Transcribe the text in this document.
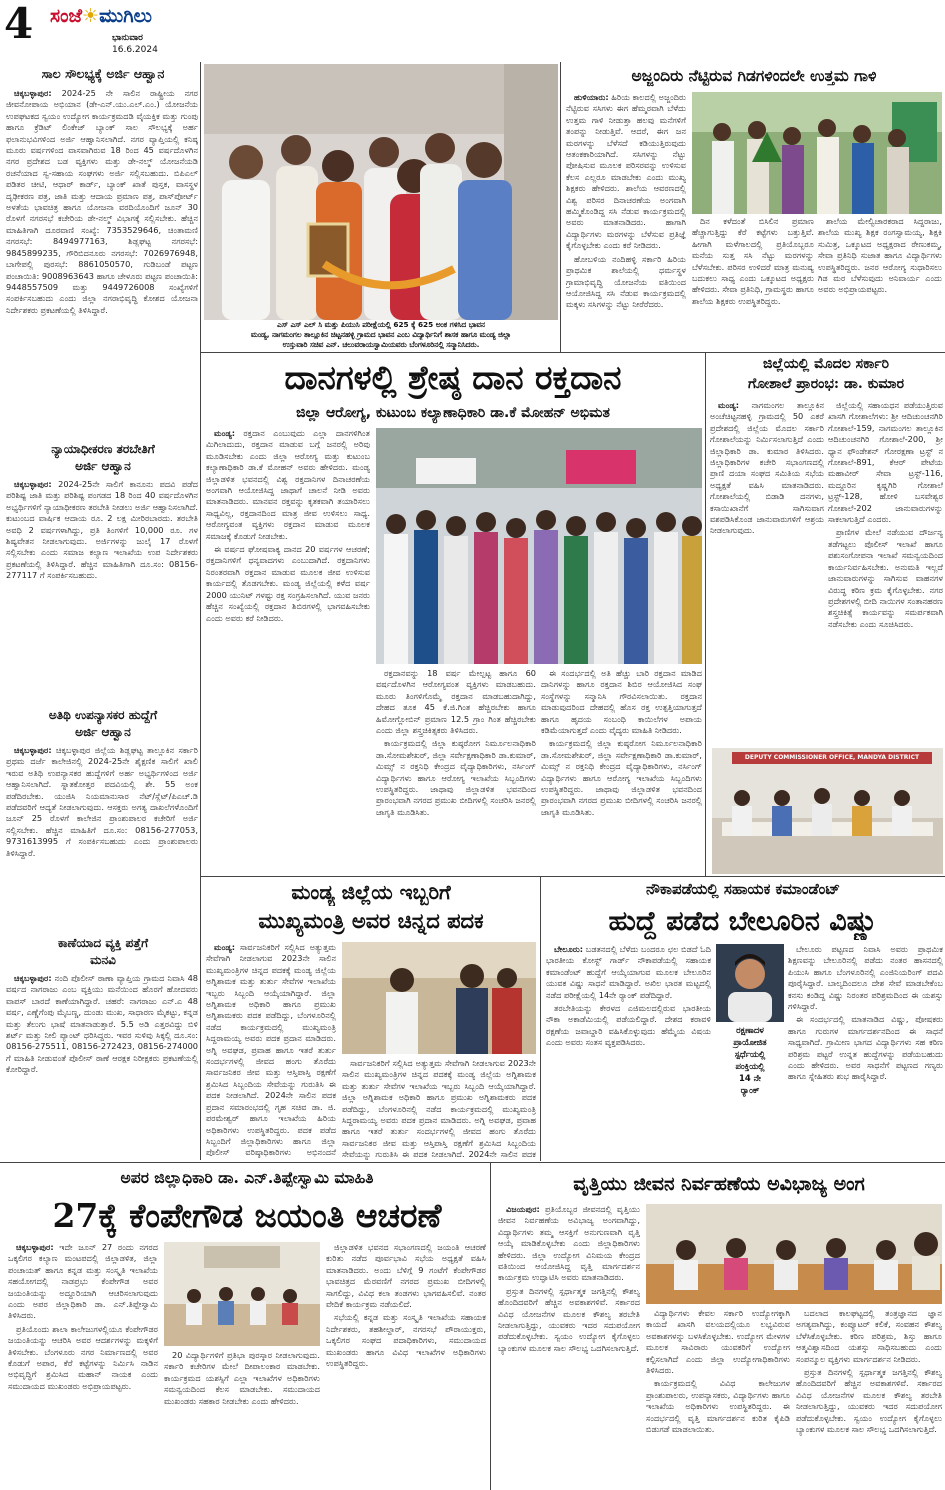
4 ಸಂಜೆ☀ಮುಗಿಲು
ಭಾನುವಾರ
16.6.2024
ಸಾಲ ಸೌಲಭ್ಯಕ್ಕೆ ಅರ್ಜಿ ಆಹ್ವಾನ

ಚಿಕ್ಕಬಳ್ಳಾಪುರ: 2024-25 ನೇ ಸಾಲಿನ ರಾಷ್ಟ್ರೀಯ ನಗರ ಜೀವನೋಪಾಯ ಅಭಿಯಾನ (ಡೇ-ಎನ್.ಯು.ಎಲ್.ಎಂ.) ಯೋಜನೆಯ ಉಪಘಟಕದ ಸ್ವಯಂ ಉದ್ಯೋಗ ಕಾರ್ಯಕ್ರಮದಡಿ ವೈಯಕ್ತಿಕ ಮತ್ತು ಗುಂಪು ಹಾಗೂ ಕ್ರೆಡಿಟ್ ಲಿಂಕೇಜ್ ಬ್ಯಾಂಕ್ ಸಾಲ ಸೌಲಭ್ಯಕ್ಕೆ ಅರ್ಹ ಫಲಾನುಭವಿಗಳಿಂದ ಅರ್ಜಿ ಆಹ್ವಾನಿಸಲಾಗಿದೆ. ನಗರ ವ್ಯಾಪ್ತಿಯಲ್ಲಿ ಕನಿಷ್ಠ ಮೂರು ವರ್ಷಗಳಿಂದ ವಾಸವಾಗಿರುವ 18 ರಿಂದ 45 ವರ್ಷದೊಳಗಿನ ನಗರ ಪ್ರದೇಶದ ಬಡ ವ್ಯಕ್ತಿಗಳು ಮತ್ತು ಡೇ-ನಲ್ಮ್ ಯೋಜನೆಯಡಿ ರಚನೆಯಾದ ಸ್ವ-ಸಹಾಯ ಸಂಘಗಳು ಅರ್ಜಿ ಸಲ್ಲಿಸಬಹುದು. ಬಿಪಿಎಲ್ ಪಡಿತರ ಚೀಟಿ, ಆಧಾರ್ ಕಾರ್ಡ್, ಬ್ಯಾಂಕ್ ಖಾತೆ ಪುಸ್ತಕ, ವಾಸಸ್ಥಳ ದೃಢೀಕರಣ ಪತ್ರ, ಜಾತಿ ಮತ್ತು ಆದಾಯ ಪ್ರಮಾಣ ಪತ್ರ, ಪಾಸ್‌ಪೋರ್ಟ್ ಅಳತೆಯ ಭಾವಚಿತ್ರ ಹಾಗೂ ಯೋಜನಾ ವರದಿಯೊಂದಿಗೆ ಜೂನ್ 30 ರೊಳಗೆ ನಗರಸಭೆ ಕಚೇರಿಯ ಡೇ-ನಲ್ಮ್ ವಿಭಾಗಕ್ಕೆ ಸಲ್ಲಿಸಬೇಕು. ಹೆಚ್ಚಿನ ಮಾಹಿತಿಗಾಗಿ ದೂರವಾಣಿ ಸಂಖ್ಯೆ: 7353529646, ಚಿಂತಾಮಣಿ ನಗರಸಭೆ: 8494977163, ಶಿಡ್ಲಘಟ್ಟ ನಗರಸಭೆ: 9845899235, ಗೌರಿಬಿದನೂರು ನಗರಸಭೆ: 7026976948, ಬಾಗೇಪಲ್ಲಿ ಪುರಸಭೆ: 8861050570, ಗುಡಿಬಂಡೆ ಪಟ್ಟಣ ಪಂಚಾಯಿತಿ: 9008963643 ಹಾಗೂ ಚೇಳೂರು ಪಟ್ಟಣ ಪಂಚಾಯಿತಿ: 9448557509 ಮತ್ತು 9449726008 ಸಂಖ್ಯೆಗಳಿಗೆ ಸಂಪರ್ಕಿಸಬಹುದು ಎಂದು ಜಿಲ್ಲಾ ನಗರಾಭಿವೃದ್ಧಿ ಕೋಶದ ಯೋಜನಾ ನಿರ್ದೇಶಕರು ಪ್ರಕಟಣೆಯಲ್ಲಿ ತಿಳಿಸಿದ್ದಾರೆ.

ನ್ಯಾಯಾಧೀಕರಣ ತರಬೇತಿಗೆ
ಅರ್ಜಿ ಆಹ್ವಾನ

ಚಿಕ್ಕಬಳ್ಳಾಪುರ: 2024-25ನೇ ಸಾಲಿಗೆ ಕಾನೂನು ಪದವಿ ಪಡೆದ ಪರಿಶಿಷ್ಟ ಜಾತಿ ಮತ್ತು ಪರಿಶಿಷ್ಟ ಪಂಗಡದ 18 ರಿಂದ 40 ವರ್ಷದೊಳಗಿನ ಅಭ್ಯರ್ಥಿಗಳಿಗೆ ನ್ಯಾಯಾಧೀಕರಣ ತರಬೇತಿ ನೀಡಲು ಅರ್ಜಿ ಆಹ್ವಾನಿಸಲಾಗಿದೆ. ಕುಟುಂಬದ ವಾರ್ಷಿಕ ಆದಾಯ ರೂ. 2 ಲಕ್ಷ ಮೀರಿರಬಾರದು. ತರಬೇತಿ ಅವಧಿ 2 ವರ್ಷಗಳಾಗಿದ್ದು, ಪ್ರತಿ ತಿಂಗಳಿಗೆ 10,000 ರೂ. ಗಳ ಶಿಷ್ಯವೇತನ ನೀಡಲಾಗುವುದು. ಅರ್ಜಿಗಳನ್ನು ಜುಲೈ 17 ರೊಳಗೆ ಸಲ್ಲಿಸಬೇಕು ಎಂದು ಸಮಾಜ ಕಲ್ಯಾಣ ಇಲಾಖೆಯ ಉಪ ನಿರ್ದೇಶಕರು ಪ್ರಕಟಣೆಯಲ್ಲಿ ತಿಳಿಸಿದ್ದಾರೆ. ಹೆಚ್ಚಿನ ಮಾಹಿತಿಗಾಗಿ ದೂ.ಸಂ: 08156-277117 ಗೆ ಸಂಪರ್ಕಿಸಬಹುದು.

ಅತಿಥಿ ಉಪನ್ಯಾಸಕರ ಹುದ್ದೆಗೆ
ಅರ್ಜಿ ಆಹ್ವಾನ

ಚಿಕ್ಕಬಳ್ಳಾಪುರ: ಚಿಕ್ಕಬಳ್ಳಾಪುರ ಜಿಲ್ಲೆಯ ಶಿಡ್ಲಘಟ್ಟ ತಾಲ್ಲೂಕಿನ ಸರ್ಕಾರಿ ಪ್ರಥಮ ದರ್ಜೆ ಕಾಲೇಜಿನಲ್ಲಿ 2024-25ನೇ ಶೈಕ್ಷಣಿಕ ಸಾಲಿಗೆ ಖಾಲಿ ಇರುವ ಅತಿಥಿ ಉಪನ್ಯಾಸಕರ ಹುದ್ದೆಗಳಿಗೆ ಅರ್ಹ ಅಭ್ಯರ್ಥಿಗಳಿಂದ ಅರ್ಜಿ ಆಹ್ವಾನಿಸಲಾಗಿದೆ. ಸ್ನಾತಕೋತ್ತರ ಪದವಿಯಲ್ಲಿ ಶೇ. 55 ಅಂಕ ಪಡೆದಿರಬೇಕು. ಯುಜಿಸಿ ನಿಯಮಾನುಸಾರ ನೆಟ್/ಸ್ಲೆಟ್/ಪಿಎಚ್.ಡಿ ಪಡೆದವರಿಗೆ ಆದ್ಯತೆ ನೀಡಲಾಗುವುದು. ಆಸಕ್ತರು ಅಗತ್ಯ ದಾಖಲೆಗಳೊಂದಿಗೆ ಜೂನ್ 25 ರೊಳಗೆ ಕಾಲೇಜಿನ ಪ್ರಾಂಶುಪಾಲರ ಕಚೇರಿಗೆ ಅರ್ಜಿ ಸಲ್ಲಿಸಬೇಕು. ಹೆಚ್ಚಿನ ಮಾಹಿತಿಗೆ ದೂ.ಸಂ: 08156-277053, 9731613995 ಗೆ ಸಂಪರ್ಕಿಸಬಹುದು ಎಂದು ಪ್ರಾಂಶುಪಾಲರು ತಿಳಿಸಿದ್ದಾರೆ.

ಕಾಣೆಯಾದ ವ್ಯಕ್ತಿ ಪತ್ತೆಗೆ
ಮನವಿ

ಚಿಕ್ಕಬಳ್ಳಾಪುರ: ನಂದಿ ಪೊಲೀಸ್ ಠಾಣಾ ವ್ಯಾಪ್ತಿಯ ಗ್ರಾಮದ ನಿವಾಸಿ 48 ವರ್ಷದ ನಾಗರಾಜು ಎಂಬ ವ್ಯಕ್ತಿಯು ಮನೆಯಿಂದ ಹೊರಗೆ ಹೋದವರು ವಾಪಸ್ ಬಾರದೆ ಕಾಣೆಯಾಗಿದ್ದಾರೆ. ಚಹರೆ: ನಾಗರಾಜು ಎನ್.ಎ 48 ವರ್ಷ, ಎಣ್ಣೆಗೆಂಪು ಮೈಬಣ್ಣ, ದುಂಡು ಮುಖ, ಸಾಧಾರಣ ಮೈಕಟ್ಟು, ಕನ್ನಡ ಮತ್ತು ತೆಲುಗು ಭಾಷೆ ಮಾತನಾಡುತ್ತಾರೆ. 5.5 ಅಡಿ ಎತ್ತರವಿದ್ದು ಬಿಳಿ ಶರ್ಟ್ ಮತ್ತು ನೀಲಿ ಪ್ಯಾಂಟ್ ಧರಿಸಿದ್ದರು. ಇವರ ಸುಳಿವು ಸಿಕ್ಕಲ್ಲಿ ದೂ.ಸಂ: 08156-275511, 08156-272423, 08156-274000 ಗೆ ಮಾಹಿತಿ ನೀಡುವಂತೆ ಪೊಲೀಸ್ ಠಾಣೆ ಆರಕ್ಷಕ ನಿರೀಕ್ಷಕರು ಪ್ರಕಟಣೆಯಲ್ಲಿ ಕೋರಿದ್ದಾರೆ.

ಎಸ್ ಎಸ್ ಎಲ್ ಸಿ ಮತ್ತು ಪಿಯುಸಿ ಪರೀಕ್ಷೆಯಲ್ಲಿ 625 ಕ್ಕೆ 625 ಅಂಕ ಗಳಿಸಿದ ಭಾವನ
ಮಂಡ್ಯ, ನಾಗಮಂಗಲ ತಾಲ್ಲೂಕಿನ ಚಿಟ್ಟನಹಳ್ಳಿ ಗ್ರಾಮದ ಭಾವನ ಎಂಬ ವಿದ್ಯಾರ್ಥಿನಿಗೆ ಶಾಸಕ ಹಾಗೂ ಮಂಡ್ಯ ಜಿಲ್ಲಾ
ಉಸ್ತುವಾರಿ ಸಚಿವ ಎನ್. ಚಲುವರಾಯಸ್ವಾಮಿಯವರು ಬೆಂಗಳೂರಿನಲ್ಲಿ ಸನ್ಮಾನಿಸಿದರು.
ಅಜ್ಜಂದಿರು ನೆಟ್ಟಿರುವ ಗಿಡಗಳಿಂದಲೇ ಉತ್ತಮ ಗಾಳಿ

ಹುಳಿಯಾರು: ಹಿರಿಯ ಕಾಲದಲ್ಲಿ ಅಜ್ಜಂದಿರು ನೆಟ್ಟಿರುವ ಸಸಿಗಳು ಈಗ ಹೆಮ್ಮರವಾಗಿ ಬೆಳೆದು ಉತ್ತಮ ಗಾಳಿ ನೀಡುತ್ತಾ ಹಲವು ಮನೆಗಳಿಗೆ ತಂಪನ್ನು ನೀಡುತ್ತಿವೆ. ಆದರೆ, ಈಗ ಜನ ಮರಗಳನ್ನು ಬೆಳೆಸದೆ ಕಡಿಯುತ್ತಿರುವುದು ಆತಂಕಕಾರಿಯಾಗಿದೆ. ಸಸಿಗಳನ್ನು ನೆಟ್ಟು ಪೋಷಿಸುವ ಮೂಲಕ ಪರಿಸರವನ್ನು ಉಳಿಸುವ ಕೆಲಸ ಎಲ್ಲರೂ ಮಾಡಬೇಕು ಎಂದು ಮುಖ್ಯ ಶಿಕ್ಷಕರು ಹೇಳಿದರು. ಶಾಲೆಯ ಆವರಣದಲ್ಲಿ ವಿಶ್ವ ಪರಿಸರ ದಿನಾಚರಣೆಯ ಅಂಗವಾಗಿ ಹಮ್ಮಿಕೊಂಡಿದ್ದ ಸಸಿ ನೆಡುವ ಕಾರ್ಯಕ್ರಮದಲ್ಲಿ ಅವರು ಮಾತನಾಡಿದರು. ಹಾಗಾಗಿ ವಿದ್ಯಾರ್ಥಿಗಳು ಮರಗಳನ್ನು ಬೆಳೆಸುವ ಪ್ರತಿಜ್ಞೆ ಕೈಗೊಳ್ಳಬೇಕು ಎಂದು ಕರೆ ನೀಡಿದರು.

ಹೋಬಳಿಯ ನಂದಿಹಳ್ಳಿ ಸರ್ಕಾರಿ ಹಿರಿಯ ಪ್ರಾಥಮಿಕ ಶಾಲೆಯಲ್ಲಿ ಧರ್ಮಸ್ಥಳ ಗ್ರಾಮಾಭಿವೃದ್ಧಿ ಯೋಜನೆಯ ವತಿಯಿಂದ ಆಯೋಜಿಸಿದ್ದ ಸಸಿ ನೆಡುವ ಕಾರ್ಯಕ್ರಮದಲ್ಲಿ ಮಕ್ಕಳು ಸಸಿಗಳನ್ನು ನೆಟ್ಟು ನೀರೆರೆದರು.

ದಿನ ಕಳೆದಂತೆ ಬಿಸಿಲಿನ ಪ್ರಮಾಣ ಹೆಚ್ಚಾಗುತ್ತಿದ್ದು ಕೆರೆ ಕಟ್ಟೆಗಳು ಬತ್ತುತ್ತಿವೆ. ಹೀಗಾಗಿ ಮಳೆಗಾಲದಲ್ಲಿ ಪ್ರತಿಯೊಬ್ಬರೂ ಮನೆಯ ಸುತ್ತ ಸಸಿ ನೆಟ್ಟು ಮರಗಳನ್ನು ಬೆಳೆಸಬೇಕು. ಪರಿಸರ ಉಳಿದರೆ ಮಾತ್ರ ಮನುಷ್ಯ ಬದುಕಲು ಸಾಧ್ಯ ಎಂದು ಒಕ್ಕೂಟದ ಅಧ್ಯಕ್ಷರು ಹೇಳಿದರು. ಸೇವಾ ಪ್ರತಿನಿಧಿ, ಗ್ರಾಮಸ್ಥರು ಹಾಗೂ ಶಾಲೆಯ ಶಿಕ್ಷಕರು ಉಪಸ್ಥಿತರಿದ್ದರು.

ಶಾಲೆಯ ಮೇಲ್ವಿಚಾರಕರಾದ ಸಿದ್ದರಾಜು, ಶಾಲೆಯ ಮುಖ್ಯ ಶಿಕ್ಷಕ ರಂಗಸ್ವಾಮಯ್ಯ, ಶಿಕ್ಷಕಿ ಸುಮಿತ್ರ, ಒಕ್ಕೂಟದ ಅಧ್ಯಕ್ಷರಾದ ರೇಣುಕಮ್ಮ, ಸೇವಾ ಪ್ರತಿನಿಧಿ ಸುಜಾತ ಹಾಗೂ ವಿದ್ಯಾರ್ಥಿಗಳು ಉಪಸ್ಥಿತರಿದ್ದರು. ಜನರ ಆರೋಗ್ಯ ಸುಧಾರಿಸಲು ಗಿಡ ಮರ ಬೆಳೆಸುವುದು ಅನಿವಾರ್ಯ ಎಂದು ಅವರು ಅಭಿಪ್ರಾಯಪಟ್ಟರು.

ದಾನಗಳಲ್ಲಿ ಶ್ರೇಷ್ಠ ದಾನ ರಕ್ತದಾನ
ಜಿಲ್ಲಾ ಆರೋಗ್ಯ, ಕುಟುಂಬ ಕಲ್ಯಾಣಾಧಿಕಾರಿ ಡಾ.ಕೆ ಮೋಹನ್ ಅಭಿಮತ

ಮಂಡ್ಯ: ರಕ್ತದಾನ ಎಂಬುವುದು ಎಲ್ಲಾ ದಾನಗಳಿಗಿಂತ ಮಿಗಿಲಾದುದು, ರಕ್ತದಾನ ಮಾಡುವ ಬಗ್ಗೆ ಜನರಲ್ಲಿ ಅರಿವು ಮೂಡಿಸಬೇಕು ಎಂದು ಜಿಲ್ಲಾ ಆರೋಗ್ಯ ಮತ್ತು ಕುಟುಂಬ ಕಲ್ಯಾಣಾಧಿಕಾರಿ ಡಾ.ಕೆ ಮೋಹನ್ ಅವರು ಹೇಳಿದರು. ಮಂಡ್ಯ ಜಿಲ್ಲಾಡಳಿತ ಭವನದಲ್ಲಿ ವಿಶ್ವ ರಕ್ತದಾನಿಗಳ ದಿನಾಚರಣೆಯ ಅಂಗವಾಗಿ ಆಯೋಜಿಸಿದ್ದ ಜಾಥಾಗೆ ಚಾಲನೆ ನೀಡಿ ಅವರು ಮಾತನಾಡಿದರು. ಮಾನವನ ರಕ್ತವನ್ನು ಕೃತಕವಾಗಿ ತಯಾರಿಸಲು ಸಾಧ್ಯವಿಲ್ಲ, ರಕ್ತದಾನದಿಂದ ಮಾತ್ರ ಜೀವ ಉಳಿಸಲು ಸಾಧ್ಯ. ಆರೋಗ್ಯವಂತ ವ್ಯಕ್ತಿಗಳು ರಕ್ತದಾನ ಮಾಡುವ ಮೂಲಕ ಸಮಾಜಕ್ಕೆ ಕೊಡುಗೆ ನೀಡಬೇಕು.

ಈ ವರ್ಷದ ಘೋಷವಾಕ್ಯ ದಾನದ 20 ವರ್ಷಗಳ ಆಚರಣೆ; ರಕ್ತದಾನಿಗಳಿಗೆ ಧನ್ಯವಾದಗಳು ಎಂಬುದಾಗಿದೆ. ರಕ್ತದಾನಿಗಳು ನಿರಂತರವಾಗಿ ರಕ್ತದಾನ ಮಾಡುವ ಮೂಲಕ ಜೀವ ಉಳಿಸುವ ಕಾರ್ಯದಲ್ಲಿ ತೊಡಗಬೇಕು. ಮಂಡ್ಯ ಜಿಲ್ಲೆಯಲ್ಲಿ ಕಳೆದ ವರ್ಷ 2000 ಯುನಿಟ್ ಗಳಷ್ಟು ರಕ್ತ ಸಂಗ್ರಹಿಸಲಾಗಿದೆ. ಯುವ ಜನರು ಹೆಚ್ಚಿನ ಸಂಖ್ಯೆಯಲ್ಲಿ ರಕ್ತದಾನ ಶಿಬಿರಗಳಲ್ಲಿ ಭಾಗವಹಿಸಬೇಕು ಎಂದು ಅವರು ಕರೆ ನೀಡಿದರು.

ರಕ್ತದಾನವನ್ನು 18 ವರ್ಷ ಮೇಲ್ಪಟ್ಟ ಹಾಗೂ 60 ವರ್ಷದೊಳಗಿನ ಆರೋಗ್ಯವಂತ ವ್ಯಕ್ತಿಗಳು ಮಾಡಬಹುದು. ಮೂರು ತಿಂಗಳಿಗೊಮ್ಮೆ ರಕ್ತದಾನ ಮಾಡಬಹುದಾಗಿದ್ದು, ದೇಹದ ತೂಕ 45 ಕೆ.ಜಿ.ಗಿಂತ ಹೆಚ್ಚಿರಬೇಕು ಹಾಗೂ ಹಿಮೋಗ್ಲೋಬಿನ್ ಪ್ರಮಾಣ 12.5 ಗ್ರಾಂ ಗಿಂತ ಹೆಚ್ಚಿರಬೇಕು ಎಂದು ಜಿಲ್ಲಾ ಶಸ್ತ್ರಚಿಕಿತ್ಸಕರು ತಿಳಿಸಿದರು.

ಕಾರ್ಯಕ್ರಮದಲ್ಲಿ ಜಿಲ್ಲಾ ಕುಷ್ಠರೋಗ ನಿರ್ಮೂಲನಾಧಿಕಾರಿ ಡಾ.ಸೋಮಶೇಖರ್, ಜಿಲ್ಲಾ ಸರ್ವೇಕ್ಷಣಾಧಿಕಾರಿ ಡಾ.ಕುಮಾರ್, ಮಿಮ್ಸ್ ನ ರಕ್ತನಿಧಿ ಕೇಂದ್ರದ ವೈದ್ಯಾಧಿಕಾರಿಗಳು, ನರ್ಸಿಂಗ್ ವಿದ್ಯಾರ್ಥಿಗಳು ಹಾಗೂ ಆರೋಗ್ಯ ಇಲಾಖೆಯ ಸಿಬ್ಬಂದಿಗಳು ಉಪಸ್ಥಿತರಿದ್ದರು. ಜಾಥಾವು ಜಿಲ್ಲಾಡಳಿತ ಭವನದಿಂದ ಪ್ರಾರಂಭವಾಗಿ ನಗರದ ಪ್ರಮುಖ ಬೀದಿಗಳಲ್ಲಿ ಸಂಚರಿಸಿ ಜನರಲ್ಲಿ ಜಾಗೃತಿ ಮೂಡಿಸಿತು.

ಈ ಸಂದರ್ಭದಲ್ಲಿ ಅತಿ ಹೆಚ್ಚು ಬಾರಿ ರಕ್ತದಾನ ಮಾಡಿದ ದಾನಿಗಳನ್ನು ಹಾಗೂ ರಕ್ತದಾನ ಶಿಬಿರ ಆಯೋಜಿಸಿದ ಸಂಘ ಸಂಸ್ಥೆಗಳನ್ನು ಸನ್ಮಾನಿಸಿ ಗೌರವಿಸಲಾಯಿತು. ರಕ್ತದಾನ ಮಾಡುವುದರಿಂದ ದೇಹದಲ್ಲಿ ಹೊಸ ರಕ್ತ ಉತ್ಪತ್ತಿಯಾಗುತ್ತದೆ ಹಾಗೂ ಹೃದಯ ಸಂಬಂಧಿ ಕಾಯಿಲೆಗಳ ಅಪಾಯ ಕಡಿಮೆಯಾಗುತ್ತದೆ ಎಂದು ವೈದ್ಯರು ಮಾಹಿತಿ ನೀಡಿದರು.

ಕಾರ್ಯಕ್ರಮದಲ್ಲಿ ಜಿಲ್ಲಾ ಕುಷ್ಠರೋಗ ನಿರ್ಮೂಲನಾಧಿಕಾರಿ ಡಾ.ಸೋಮಶೇಖರ್, ಜಿಲ್ಲಾ ಸರ್ವೇಕ್ಷಣಾಧಿಕಾರಿ ಡಾ.ಕುಮಾರ್, ಮಿಮ್ಸ್ ನ ರಕ್ತನಿಧಿ ಕೇಂದ್ರದ ವೈದ್ಯಾಧಿಕಾರಿಗಳು, ನರ್ಸಿಂಗ್ ವಿದ್ಯಾರ್ಥಿಗಳು ಹಾಗೂ ಆರೋಗ್ಯ ಇಲಾಖೆಯ ಸಿಬ್ಬಂದಿಗಳು ಉಪಸ್ಥಿತರಿದ್ದರು. ಜಾಥಾವು ಜಿಲ್ಲಾಡಳಿತ ಭವನದಿಂದ ಪ್ರಾರಂಭವಾಗಿ ನಗರದ ಪ್ರಮುಖ ಬೀದಿಗಳಲ್ಲಿ ಸಂಚರಿಸಿ ಜನರಲ್ಲಿ ಜಾಗೃತಿ ಮೂಡಿಸಿತು.

ಜಿಲ್ಲೆಯಲ್ಲಿ ಮೊದಲ ಸರ್ಕಾರಿ
ಗೋಶಾಲೆ ಪ್ರಾರಂಭ: ಡಾ. ಕುಮಾರ

ಮಂಡ್ಯ: ನಾಗಮಂಗಲ ತಾಲ್ಲೂಕಿನ ಅಂಚೆಚಿಟ್ಟನಹಳ್ಳಿ ಗ್ರಾಮದಲ್ಲಿ 50 ಎಕರೆ ಪ್ರದೇಶದಲ್ಲಿ ಜಿಲ್ಲೆಯ ಮೊದಲ ಸರ್ಕಾರಿ ಗೋಶಾಲೆಯನ್ನು ನಿರ್ಮಿಸಲಾಗುತ್ತಿದೆ ಎಂದು ಜಿಲ್ಲಾಧಿಕಾರಿ ಡಾ. ಕುಮಾರ ತಿಳಿಸಿದರು. ಜಿಲ್ಲಾಧಿಕಾರಿಗಳ ಕಚೇರಿ ಸಭಾಂಗಣದಲ್ಲಿ ಪ್ರಾಣಿ ದಯಾ ಸಂಘದ ಸಮಿತಿಯ ಸಭೆಯ ಅಧ್ಯಕ್ಷತೆ ವಹಿಸಿ ಮಾತನಾಡಿದರು. ಗೋಶಾಲೆಯಲ್ಲಿ ಬಿಡಾಡಿ ದನಗಳು, ಕಸಾಯಿಖಾನೆಗೆ ಸಾಗಿಸುವಾಗ ವಶಪಡಿಸಿಕೊಂಡ ಜಾನುವಾರುಗಳಿಗೆ ಆಶ್ರಯ ನೀಡಲಾಗುವುದು.

ಜಿಲ್ಲೆಯಲ್ಲಿ ಸಹಾಯಧನ ಪಡೆಯುತ್ತಿರುವ ಖಾಸಗಿ ಗೋಶಾಲೆಗಳು: ಶ್ರೀ ಆದಿಚುಂಚನಗಿರಿ ಗೋಶಾಲೆ-159, ನಾಗಮಂಗಲ ತಾಲ್ಲೂಕಿನ ಆದಿಚುಂಚನಗಿರಿ ಗೋಶಾಲೆ-200, ಶ್ರೀ ಧ್ಯಾನ ಫೌಂಡೇಶನ್ ಗೋರಕ್ಷಣಾ ಟ್ರಸ್ಟ್ ನ ಗೋಶಾಲೆ-891, ಕೆಆರ್ ಪೇಟೆಯ ಮಹಾವೀರ್ ಸೇವಾ ಟ್ರಸ್ಟ್-116, ಮದ್ದೂರಿನ ಕೃಷ್ಣಗಿರಿ ಗೋಶಾಲೆ ಟ್ರಸ್ಟ್-128, ಹೋಳಿ ಬಸವೇಶ್ವರ ಗೋಶಾಲೆ-202 ಜಾನುವಾರುಗಳನ್ನು ಸಾಕಲಾಗುತ್ತಿದೆ ಎಂದರು.

ಪ್ರಾಣಿಗಳ ಮೇಲೆ ನಡೆಯುವ ದೌರ್ಜನ್ಯ ತಡೆಗಟ್ಟಲು ಪೊಲೀಸ್ ಇಲಾಖೆ ಹಾಗೂ ಪಶುಸಂಗೋಪನಾ ಇಲಾಖೆ ಸಮನ್ವಯದಿಂದ ಕಾರ್ಯನಿರ್ವಹಿಸಬೇಕು. ಅನುಮತಿ ಇಲ್ಲದೆ ಜಾನುವಾರುಗಳನ್ನು ಸಾಗಿಸುವ ವಾಹನಗಳ ವಿರುದ್ಧ ಕಠಿಣ ಕ್ರಮ ಕೈಗೊಳ್ಳಬೇಕು. ನಗರ ಪ್ರದೇಶಗಳಲ್ಲಿ ಬೀದಿ ನಾಯಿಗಳ ಸಂತಾನಹರಣ ಶಸ್ತ್ರಚಿಕಿತ್ಸೆ ಕಾರ್ಯವನ್ನು ಸಮರ್ಪಕವಾಗಿ ನಡೆಸಬೇಕು ಎಂದು ಸೂಚಿಸಿದರು.

DEPUTY COMMISSIONER OFFICE, MANDYA DISTRICT
ಮಂಡ್ಯ ಜಿಲ್ಲೆಯ ಇಬ್ಬರಿಗೆ
ಮುಖ್ಯಮಂತ್ರಿ ಅವರ ಚಿನ್ನದ ಪದಕ

ಮಂಡ್ಯ: ಸಾರ್ವಜನಿಕರಿಗೆ ಸಲ್ಲಿಸಿದ ಅತ್ಯುತ್ತಮ ಸೇವೆಗಾಗಿ ನೀಡಲಾಗುವ 2023ನೇ ಸಾಲಿನ ಮುಖ್ಯಮಂತ್ರಿಗಳ ಚಿನ್ನದ ಪದಕಕ್ಕೆ ಮಂಡ್ಯ ಜಿಲ್ಲೆಯ ಅಗ್ನಿಶಾಮಕ ಮತ್ತು ತುರ್ತು ಸೇವೆಗಳ ಇಲಾಖೆಯ ಇಬ್ಬರು ಸಿಬ್ಬಂದಿ ಆಯ್ಕೆಯಾಗಿದ್ದಾರೆ. ಜಿಲ್ಲಾ ಅಗ್ನಿಶಾಮಕ ಅಧಿಕಾರಿ ಹಾಗೂ ಪ್ರಮುಖ ಅಗ್ನಿಶಾಮಕರು ಪದಕ ಪಡೆದಿದ್ದು, ಬೆಂಗಳೂರಿನಲ್ಲಿ ನಡೆದ ಕಾರ್ಯಕ್ರಮದಲ್ಲಿ ಮುಖ್ಯಮಂತ್ರಿ ಸಿದ್ದರಾಮಯ್ಯ ಅವರು ಪದಕ ಪ್ರದಾನ ಮಾಡಿದರು. ಅಗ್ನಿ ಅವಘಡ, ಪ್ರವಾಹ ಹಾಗೂ ಇತರೆ ತುರ್ತು ಸಂದರ್ಭಗಳಲ್ಲಿ ಜೀವದ ಹಂಗು ತೊರೆದು ಸಾರ್ವಜನಿಕರ ಜೀವ ಮತ್ತು ಆಸ್ತಿಪಾಸ್ತಿ ರಕ್ಷಣೆಗೆ ಶ್ರಮಿಸಿದ ಸಿಬ್ಬಂದಿಯ ಸೇವೆಯನ್ನು ಗುರುತಿಸಿ ಈ ಪದಕ ನೀಡಲಾಗಿದೆ. 2024ನೇ ಸಾಲಿನ ಪದಕ ಪ್ರದಾನ ಸಮಾರಂಭದಲ್ಲಿ ಗೃಹ ಸಚಿವ ಡಾ. ಜಿ. ಪರಮೇಶ್ವರ್ ಹಾಗೂ ಇಲಾಖೆಯ ಹಿರಿಯ ಅಧಿಕಾರಿಗಳು ಉಪಸ್ಥಿತರಿದ್ದರು. ಪದಕ ಪಡೆದ ಸಿಬ್ಬಂದಿಗೆ ಜಿಲ್ಲಾಧಿಕಾರಿಗಳು ಹಾಗೂ ಜಿಲ್ಲಾ ಪೊಲೀಸ್ ವರಿಷ್ಠಾಧಿಕಾರಿಗಳು ಅಭಿನಂದನೆ

ಸಾರ್ವಜನಿಕರಿಗೆ ಸಲ್ಲಿಸಿದ ಅತ್ಯುತ್ತಮ ಸೇವೆಗಾಗಿ ನೀಡಲಾಗುವ 2023ನೇ ಸಾಲಿನ ಮುಖ್ಯಮಂತ್ರಿಗಳ ಚಿನ್ನದ ಪದಕಕ್ಕೆ ಮಂಡ್ಯ ಜಿಲ್ಲೆಯ ಅಗ್ನಿಶಾಮಕ ಮತ್ತು ತುರ್ತು ಸೇವೆಗಳ ಇಲಾಖೆಯ ಇಬ್ಬರು ಸಿಬ್ಬಂದಿ ಆಯ್ಕೆಯಾಗಿದ್ದಾರೆ. ಜಿಲ್ಲಾ ಅಗ್ನಿಶಾಮಕ ಅಧಿಕಾರಿ ಹಾಗೂ ಪ್ರಮುಖ ಅಗ್ನಿಶಾಮಕರು ಪದಕ ಪಡೆದಿದ್ದು, ಬೆಂಗಳೂರಿನಲ್ಲಿ ನಡೆದ ಕಾರ್ಯಕ್ರಮದಲ್ಲಿ ಮುಖ್ಯಮಂತ್ರಿ ಸಿದ್ದರಾಮಯ್ಯ ಅವರು ಪದಕ ಪ್ರದಾನ ಮಾಡಿದರು. ಅಗ್ನಿ ಅವಘಡ, ಪ್ರವಾಹ ಹಾಗೂ ಇತರೆ ತುರ್ತು ಸಂದರ್ಭಗಳಲ್ಲಿ ಜೀವದ ಹಂಗು ತೊರೆದು ಸಾರ್ವಜನಿಕರ ಜೀವ ಮತ್ತು ಆಸ್ತಿಪಾಸ್ತಿ ರಕ್ಷಣೆಗೆ ಶ್ರಮಿಸಿದ ಸಿಬ್ಬಂದಿಯ ಸೇವೆಯನ್ನು ಗುರುತಿಸಿ ಈ ಪದಕ ನೀಡಲಾಗಿದೆ. 2024ನೇ ಸಾಲಿನ ಪದಕ

ನೌಕಾಪಡೆಯಲ್ಲಿ ಸಹಾಯಕ ಕಮಾಂಡೆಂಟ್
ಹುದ್ದೆ ಪಡೆದ ಬೇಲೂರಿನ ವಿಷ್ಣು

ಬೇಲೂರು: ಬಡತನದಲ್ಲಿ ಬೆಳೆದು ಬಂದರೂ ಛಲ ಬಿಡದೆ ಓದಿ ಭಾರತೀಯ ಕೋಸ್ಟ್ ಗಾರ್ಡ್ ನೌಕಾಪಡೆಯಲ್ಲಿ ಸಹಾಯಕ ಕಮಾಂಡೆಂಟ್ ಹುದ್ದೆಗೆ ಆಯ್ಕೆಯಾಗುವ ಮೂಲಕ ಬೇಲೂರಿನ ಯುವಕ ವಿಷ್ಣು ಸಾಧನೆ ಮಾಡಿದ್ದಾರೆ. ಅಖಿಲ ಭಾರತ ಮಟ್ಟದಲ್ಲಿ ನಡೆದ ಪರೀಕ್ಷೆಯಲ್ಲಿ 14ನೇ ರ‍್ಯಾಂಕ್ ಪಡೆದಿದ್ದಾರೆ.

ತರಬೇತಿಯನ್ನು ಕೇರಳದ ಎಜಿಮಲದಲ್ಲಿರುವ ಭಾರತೀಯ ನೌಕಾ ಅಕಾಡೆಮಿಯಲ್ಲಿ ಪಡೆಯಲಿದ್ದಾರೆ. ದೇಶದ ಕರಾವಳಿ ರಕ್ಷಣೆಯ ಜವಾಬ್ದಾರಿ ವಹಿಸಿಕೊಳ್ಳುವುದು ಹೆಮ್ಮೆಯ ವಿಷಯ ಎಂದು ಅವರು ಸಂತಸ ವ್ಯಕ್ತಪಡಿಸಿದರು.

ರಕ್ಷಣಾದಳ
ಪ್ರಾಯೋಜಿತ
ಸ್ಪರ್ಧೆಯಲ್ಲಿ
ಪಂಕ್ತಿಯಲ್ಲಿ
14 ನೇ
ರ‍್ಯಾಂಕ್

ಬೇಲೂರು ಪಟ್ಟಣದ ನಿವಾಸಿ ಅವರು ಪ್ರಾಥಮಿಕ ಶಿಕ್ಷಣವನ್ನು ಬೇಲೂರಿನಲ್ಲಿ ಪಡೆದು ನಂತರ ಹಾಸನದಲ್ಲಿ ಪಿಯುಸಿ ಹಾಗೂ ಬೆಂಗಳೂರಿನಲ್ಲಿ ಎಂಜಿನಿಯರಿಂಗ್ ಪದವಿ ಪೂರೈಸಿದ್ದಾರೆ. ಬಾಲ್ಯದಿಂದಲೂ ದೇಶ ಸೇವೆ ಮಾಡಬೇಕೆಂಬ ಕನಸು ಕಂಡಿದ್ದ ವಿಷ್ಣು ನಿರಂತರ ಪರಿಶ್ರಮದಿಂದ ಈ ಯಶಸ್ಸು ಗಳಿಸಿದ್ದಾರೆ.

ಈ ಸಂದರ್ಭದಲ್ಲಿ ಮಾತನಾಡಿದ ವಿಷ್ಣು, ಪೋಷಕರು ಹಾಗೂ ಗುರುಗಳ ಮಾರ್ಗದರ್ಶನದಿಂದ ಈ ಸಾಧನೆ ಸಾಧ್ಯವಾಗಿದೆ. ಗ್ರಾಮೀಣ ಭಾಗದ ವಿದ್ಯಾರ್ಥಿಗಳು ಸಹ ಕಠಿಣ ಪರಿಶ್ರಮ ಪಟ್ಟರೆ ಉನ್ನತ ಹುದ್ದೆಗಳನ್ನು ಪಡೆಯಬಹುದು ಎಂದು ಹೇಳಿದರು. ಅವರ ಸಾಧನೆಗೆ ಪಟ್ಟಣದ ಗಣ್ಯರು ಹಾಗೂ ಸ್ನೇಹಿತರು ಶುಭ ಹಾರೈಸಿದ್ದಾರೆ.

ಅಪರ ಜಿಲ್ಲಾಧಿಕಾರಿ ಡಾ. ಎನ್.ತಿಪ್ಪೇಸ್ವಾಮಿ ಮಾಹಿತಿ
27ಕ್ಕೆ ಕೆಂಪೇಗೌಡ ಜಯಂತಿ ಆಚರಣೆ

ಚಿಕ್ಕಬಳ್ಳಾಪುರ: ಇದೇ ಜೂನ್ 27 ರಂದು ನಗರದ ಒಕ್ಕಲಿಗರ ಕಲ್ಯಾಣ ಮಂಟಪದಲ್ಲಿ ಜಿಲ್ಲಾಡಳಿತ, ಜಿಲ್ಲಾ ಪಂಚಾಯತ್ ಹಾಗೂ ಕನ್ನಡ ಮತ್ತು ಸಂಸ್ಕೃತಿ ಇಲಾಖೆಯ ಸಹಯೋಗದಲ್ಲಿ ನಾಡಪ್ರಭು ಕೆಂಪೇಗೌಡ ಅವರ ಜಯಂತಿಯನ್ನು ಅದ್ದೂರಿಯಾಗಿ ಆಚರಿಸಲಾಗುವುದು ಎಂದು ಅಪರ ಜಿಲ್ಲಾಧಿಕಾರಿ ಡಾ. ಎನ್.ತಿಪ್ಪೇಸ್ವಾಮಿ ತಿಳಿಸಿದರು.

ಪ್ರತಿಯೊಂದು ಶಾಲಾ ಕಾಲೇಜುಗಳಲ್ಲಿಯೂ ಕೆಂಪೇಗೌಡರ ಜಯಂತಿಯನ್ನು ಆಚರಿಸಿ ಅವರ ಆದರ್ಶಗಳನ್ನು ಮಕ್ಕಳಿಗೆ ತಿಳಿಸಬೇಕು. ಬೆಂಗಳೂರು ನಗರ ನಿರ್ಮಾಣದಲ್ಲಿ ಅವರ ಕೊಡುಗೆ ಅಪಾರ, ಕೆರೆ ಕಟ್ಟೆಗಳನ್ನು ನಿರ್ಮಿಸಿ ನಾಡಿನ ಅಭಿವೃದ್ಧಿಗೆ ಶ್ರಮಿಸಿದ ಮಹಾನ್ ನಾಯಕ ಎಂದು ಸಮುದಾಯದ ಮುಖಂಡರು ಅಭಿಪ್ರಾಯಪಟ್ಟರು.

20 ವಿದ್ಯಾರ್ಥಿಗಳಿಗೆ ಪ್ರತಿಭಾ ಪುರಸ್ಕಾರ ನೀಡಲಾಗುವುದು. ಸರ್ಕಾರಿ ಕಚೇರಿಗಳ ಮೇಲೆ ದೀಪಾಲಂಕಾರ ಮಾಡಬೇಕು. ಕಾರ್ಯಕ್ರಮದ ಯಶಸ್ಸಿಗೆ ಎಲ್ಲಾ ಇಲಾಖೆಗಳ ಅಧಿಕಾರಿಗಳು ಸಮನ್ವಯದಿಂದ ಕೆಲಸ ಮಾಡಬೇಕು. ಸಮುದಾಯದ ಮುಖಂಡರು ಸಹಕಾರ ನೀಡಬೇಕು ಎಂದು ಹೇಳಿದರು.

ಜಿಲ್ಲಾಡಳಿತ ಭವನದ ಸಭಾಂಗಣದಲ್ಲಿ ಜಯಂತಿ ಆಚರಣೆ ಕುರಿತು ನಡೆದ ಪೂರ್ವಭಾವಿ ಸಭೆಯ ಅಧ್ಯಕ್ಷತೆ ವಹಿಸಿ ಮಾತನಾಡಿದರು. ಅಂದು ಬೆಳಿಗ್ಗೆ 9 ಗಂಟೆಗೆ ಕೆಂಪೇಗೌಡರ ಭಾವಚಿತ್ರದ ಮೆರವಣಿಗೆ ನಗರದ ಪ್ರಮುಖ ಬೀದಿಗಳಲ್ಲಿ ಸಾಗಲಿದ್ದು, ವಿವಿಧ ಕಲಾ ತಂಡಗಳು ಭಾಗವಹಿಸಲಿವೆ. ನಂತರ ವೇದಿಕೆ ಕಾರ್ಯಕ್ರಮ ನಡೆಯಲಿದೆ.

ಸಭೆಯಲ್ಲಿ ಕನ್ನಡ ಮತ್ತು ಸಂಸ್ಕೃತಿ ಇಲಾಖೆಯ ಸಹಾಯಕ ನಿರ್ದೇಶಕರು, ತಹಶೀಲ್ದಾರ್, ನಗರಸಭೆ ಪೌರಾಯುಕ್ತರು, ಒಕ್ಕಲಿಗರ ಸಂಘದ ಪದಾಧಿಕಾರಿಗಳು, ಸಮುದಾಯದ ಮುಖಂಡರು ಹಾಗೂ ವಿವಿಧ ಇಲಾಖೆಗಳ ಅಧಿಕಾರಿಗಳು ಉಪಸ್ಥಿತರಿದ್ದರು.

ವೃತ್ತಿಯು ಜೀವನ ನಿರ್ವಹಣೆಯ ಅವಿಭಾಜ್ಯ ಅಂಗ

ವಿಜಯಪುರ: ಪ್ರತಿಯೊಬ್ಬರ ಜೀವನದಲ್ಲಿ ವೃತ್ತಿಯು ಜೀವನ ನಿರ್ವಹಣೆಯ ಅವಿಭಾಜ್ಯ ಅಂಗವಾಗಿದ್ದು, ವಿದ್ಯಾರ್ಥಿಗಳು ತಮ್ಮ ಆಸಕ್ತಿಗೆ ಅನುಗುಣವಾಗಿ ವೃತ್ತಿ ಆಯ್ಕೆ ಮಾಡಿಕೊಳ್ಳಬೇಕು ಎಂದು ಜಿಲ್ಲಾಧಿಕಾರಿಗಳು ಹೇಳಿದರು. ಜಿಲ್ಲಾ ಉದ್ಯೋಗ ವಿನಿಮಯ ಕೇಂದ್ರದ ವತಿಯಿಂದ ಆಯೋಜಿಸಿದ್ದ ವೃತ್ತಿ ಮಾರ್ಗದರ್ಶನ ಕಾರ್ಯಕ್ರಮ ಉದ್ಘಾಟಿಸಿ ಅವರು ಮಾತನಾಡಿದರು.

ಪ್ರಸ್ತುತ ದಿನಗಳಲ್ಲಿ ಸ್ಪರ್ಧಾತ್ಮಕ ಜಗತ್ತಿನಲ್ಲಿ ಕೌಶಲ್ಯ ಹೊಂದಿದವರಿಗೆ ಹೆಚ್ಚಿನ ಅವಕಾಶಗಳಿವೆ. ಸರ್ಕಾರದ ವಿವಿಧ ಯೋಜನೆಗಳ ಮೂಲಕ ಕೌಶಲ್ಯ ತರಬೇತಿ ನೀಡಲಾಗುತ್ತಿದ್ದು, ಯುವಕರು ಇದರ ಸದುಪಯೋಗ ಪಡೆದುಕೊಳ್ಳಬೇಕು. ಸ್ವಯಂ ಉದ್ಯೋಗ ಕೈಗೊಳ್ಳಲು ಬ್ಯಾಂಕುಗಳ ಮೂಲಕ ಸಾಲ ಸೌಲಭ್ಯ ಒದಗಿಸಲಾಗುತ್ತಿದೆ.

ವಿದ್ಯಾರ್ಥಿಗಳು ಕೇವಲ ಸರ್ಕಾರಿ ಉದ್ಯೋಗಕ್ಕಾಗಿ ಕಾಯದೆ ಖಾಸಗಿ ವಲಯದಲ್ಲಿಯೂ ಲಭ್ಯವಿರುವ ಅವಕಾಶಗಳನ್ನು ಬಳಸಿಕೊಳ್ಳಬೇಕು. ಉದ್ಯೋಗ ಮೇಳಗಳ ಮೂಲಕ ಸಾವಿರಾರು ಯುವಕರಿಗೆ ಉದ್ಯೋಗ ಕಲ್ಪಿಸಲಾಗಿದೆ ಎಂದು ಜಿಲ್ಲಾ ಉದ್ಯೋಗಾಧಿಕಾರಿಗಳು ತಿಳಿಸಿದರು.

ಕಾರ್ಯಕ್ರಮದಲ್ಲಿ ವಿವಿಧ ಕಾಲೇಜುಗಳ ಪ್ರಾಂಶುಪಾಲರು, ಉಪನ್ಯಾಸಕರು, ವಿದ್ಯಾರ್ಥಿಗಳು ಹಾಗೂ ಇಲಾಖೆಯ ಅಧಿಕಾರಿಗಳು ಉಪಸ್ಥಿತರಿದ್ದರು. ಈ ಸಂದರ್ಭದಲ್ಲಿ ವೃತ್ತಿ ಮಾರ್ಗದರ್ಶನ ಕುರಿತ ಕೈಪಿಡಿ ಬಿಡುಗಡೆ ಮಾಡಲಾಯಿತು.

ಬದಲಾದ ಕಾಲಘಟ್ಟದಲ್ಲಿ ತಂತ್ರಜ್ಞಾನದ ಜ್ಞಾನ ಅಗತ್ಯವಾಗಿದ್ದು, ಕಂಪ್ಯೂಟರ್ ಕಲಿಕೆ, ಸಂವಹನ ಕೌಶಲ್ಯ ಬೆಳೆಸಿಕೊಳ್ಳಬೇಕು. ಕಠಿಣ ಪರಿಶ್ರಮ, ಶಿಸ್ತು ಹಾಗೂ ಆತ್ಮವಿಶ್ವಾಸದಿಂದ ಯಶಸ್ಸು ಸಾಧಿಸಬಹುದು ಎಂದು ಸಂಪನ್ಮೂಲ ವ್ಯಕ್ತಿಗಳು ಮಾರ್ಗದರ್ಶನ ನೀಡಿದರು.

ಪ್ರಸ್ತುತ ದಿನಗಳಲ್ಲಿ ಸ್ಪರ್ಧಾತ್ಮಕ ಜಗತ್ತಿನಲ್ಲಿ ಕೌಶಲ್ಯ ಹೊಂದಿದವರಿಗೆ ಹೆಚ್ಚಿನ ಅವಕಾಶಗಳಿವೆ. ಸರ್ಕಾರದ ವಿವಿಧ ಯೋಜನೆಗಳ ಮೂಲಕ ಕೌಶಲ್ಯ ತರಬೇತಿ ನೀಡಲಾಗುತ್ತಿದ್ದು, ಯುವಕರು ಇದರ ಸದುಪಯೋಗ ಪಡೆದುಕೊಳ್ಳಬೇಕು. ಸ್ವಯಂ ಉದ್ಯೋಗ ಕೈಗೊಳ್ಳಲು ಬ್ಯಾಂಕುಗಳ ಮೂಲಕ ಸಾಲ ಸೌಲಭ್ಯ ಒದಗಿಸಲಾಗುತ್ತಿದೆ.
